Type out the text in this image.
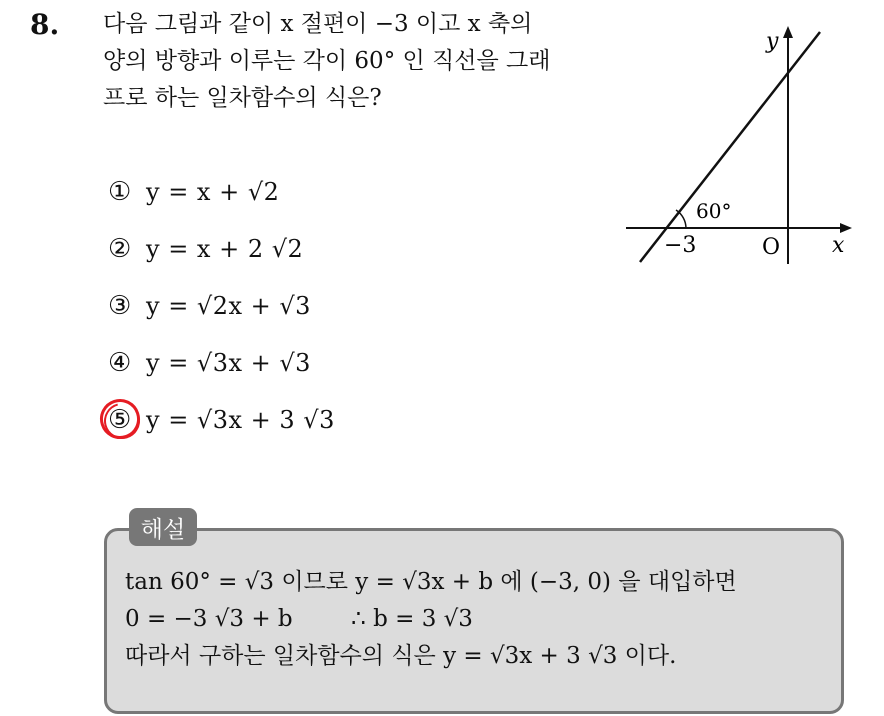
8. 다음 그림과 같이 x 절편이 −3 이고 x 축의
양의 방향과 이루는 각이 60° 인 직선을 그래
프로 하는 일차함수의 식은?
① y = x + √2
② y = x + 2 √2
③ y = √2x + √3
④ y = √3x + √3
⑤ y = √3x + 3 √3
y
x
O
−3
60°
해설
tan 60° = √3 이므로 y = √3x + b 에 (−3, 0) 을 대입하면
0 = −3 √3 + b        ∴ b = 3 √3
따라서 구하는 일차함수의 식은 y = √3x + 3 √3 이다.
